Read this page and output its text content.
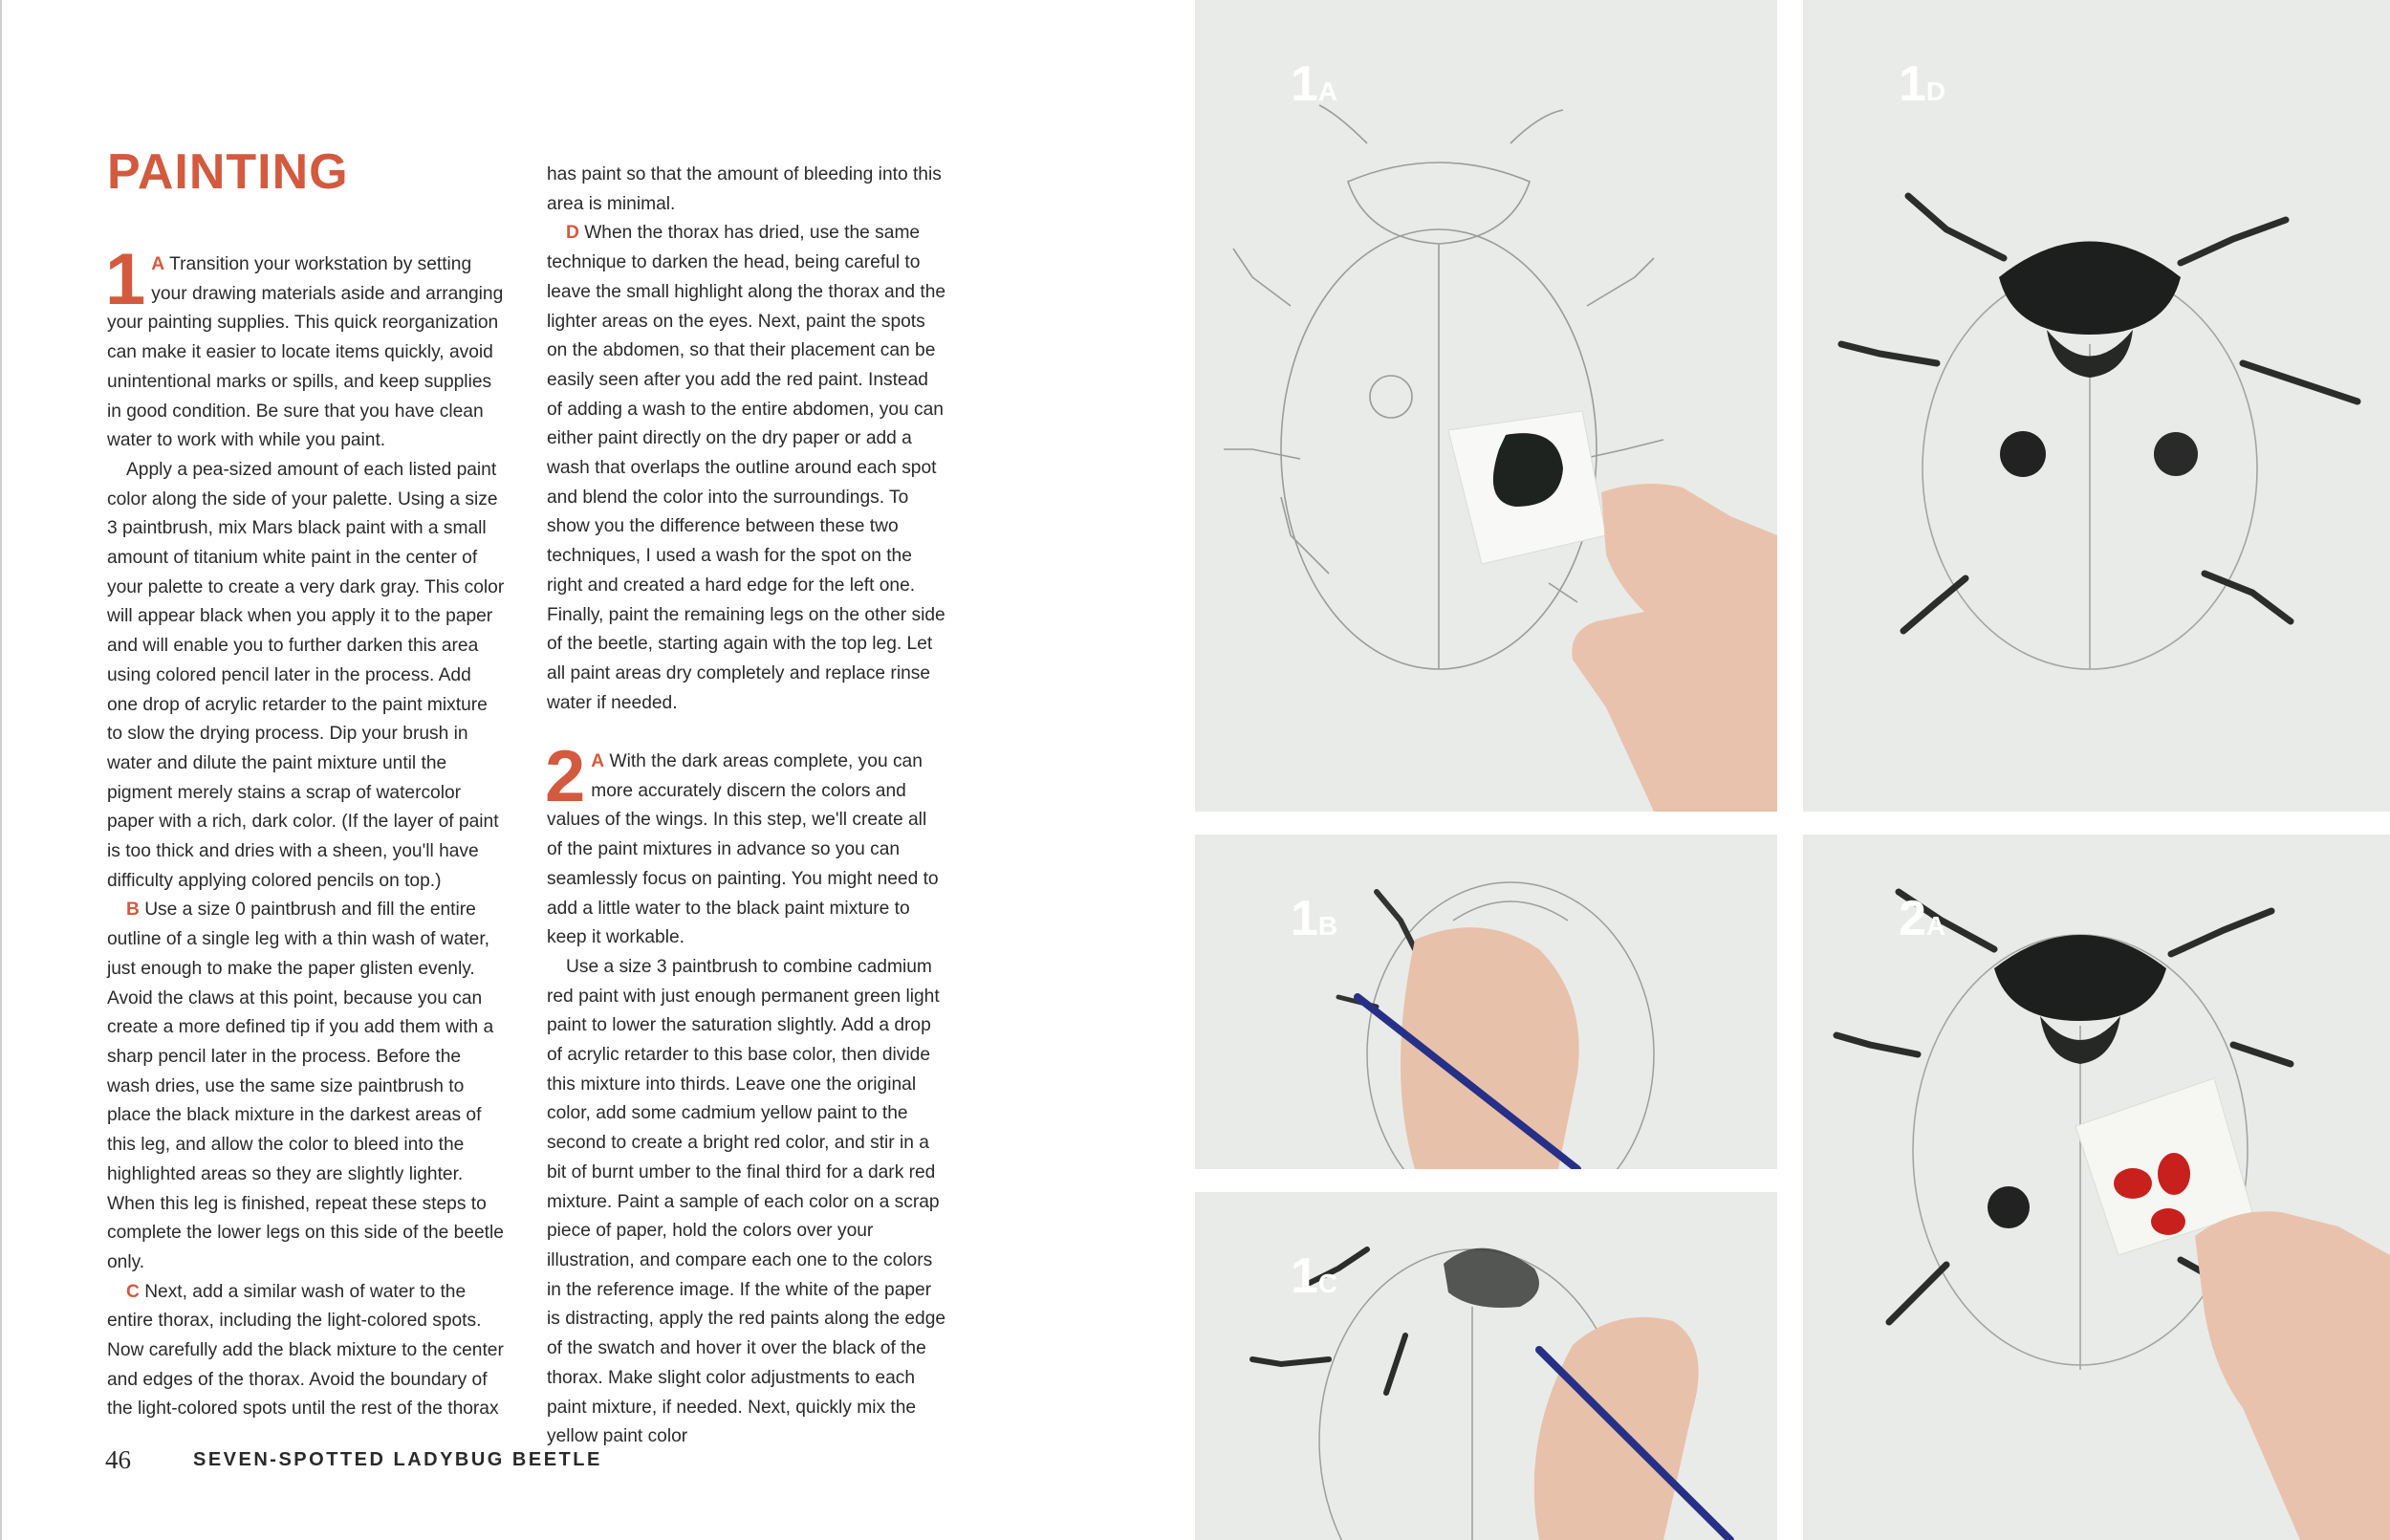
PAINTING

1 A Transition your workstation by setting your drawing materials aside and arranging your painting supplies. This quick reorganization can make it easier to locate items quickly, avoid unintentional marks or spills, and keep supplies in good condition. Be sure that you have clean water to work with while you paint.

Apply a pea-sized amount of each listed paint color along the side of your palette. Using a size 3 paintbrush, mix Mars black paint with a small amount of titanium white paint in the center of your palette to create a very dark gray. This color will appear black when you apply it to the paper and will enable you to further darken this area using colored pencil later in the process. Add one drop of acrylic retarder to the paint mixture to slow the drying process. Dip your brush in water and dilute the paint mixture until the pigment merely stains a scrap of watercolor paper with a rich, dark color. (If the layer of paint is too thick and dries with a sheen, you'll have difficulty applying colored pencils on top.)

B Use a size 0 paintbrush and fill the entire outline of a single leg with a thin wash of water, just enough to make the paper glisten evenly. Avoid the claws at this point, because you can create a more defined tip if you add them with a sharp pencil later in the process. Before the wash dries, use the same size paintbrush to place the black mixture in the darkest areas of this leg, and allow the color to bleed into the highlighted areas so they are slightly lighter. When this leg is finished, repeat these steps to complete the lower legs on this side of the beetle only.

C Next, add a similar wash of water to the entire thorax, including the light-colored spots. Now carefully add the black mixture to the center and edges of the thorax. Avoid the boundary of the light-colored spots until the rest of the thorax

has paint so that the amount of bleeding into this area is minimal.

D When the thorax has dried, use the same technique to darken the head, being careful to leave the small highlight along the thorax and the lighter areas on the eyes. Next, paint the spots on the abdomen, so that their placement can be easily seen after you add the red paint. Instead of adding a wash to the entire abdomen, you can either paint directly on the dry paper or add a wash that overlaps the outline around each spot and blend the color into the surroundings. To show you the difference between these two techniques, I used a wash for the spot on the right and created a hard edge for the left one. Finally, paint the remaining legs on the other side of the beetle, starting again with the top leg. Let all paint areas dry completely and replace rinse water if needed.

2 A With the dark areas complete, you can more accurately discern the colors and values of the wings. In this step, we'll create all of the paint mixtures in advance so you can seamlessly focus on painting. You might need to add a little water to the black paint mixture to keep it workable.

Use a size 3 paintbrush to combine cadmium red paint with just enough permanent green light paint to lower the saturation slightly. Add a drop of acrylic retarder to this base color, then divide this mixture into thirds. Leave one the original color, add some cadmium yellow paint to the second to create a bright red color, and stir in a bit of burnt umber to the final third for a dark red mixture. Paint a sample of each color on a scrap piece of paper, hold the colors over your illustration, and compare each one to the colors in the reference image. If the white of the paper is distracting, apply the red paints along the edge of the swatch and hover it over the black of the thorax. Make slight color adjustments to each paint mixture, if needed. Next, quickly mix the yellow paint color

46	SEVEN-SPOTTED LADYBUG BEETLE
1A	1D
1B	2A
1C
